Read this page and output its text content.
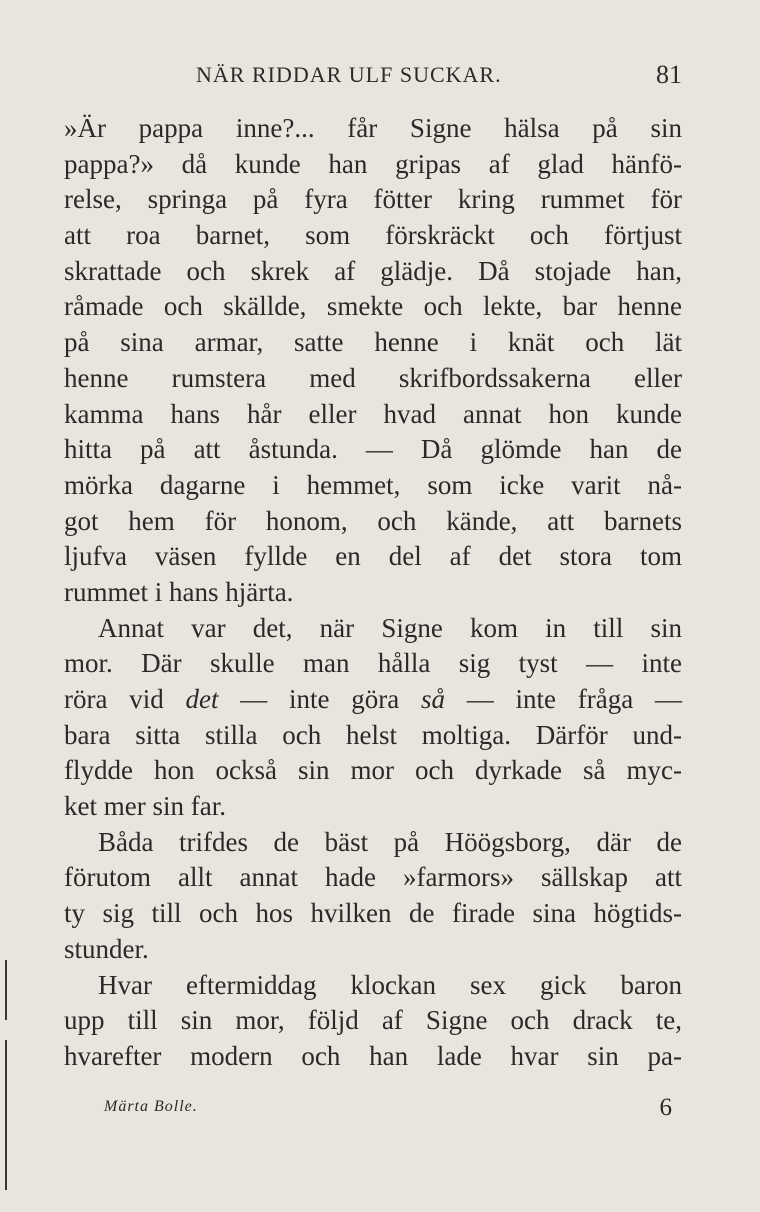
NÄR RIDDAR ULF SUCKAR.	81
»Är pappa inne?... får Signe hälsa på sin
pappa?» då kunde han gripas af glad hänfö-
relse, springa på fyra fötter kring rummet för
att roa barnet, som förskräckt och förtjust
skrattade och skrek af glädje. Då stojade han,
råmade och skällde, smekte och lekte, bar henne
på sina armar, satte henne i knät och lät
henne rumstera med skrifbordssakerna eller
kamma hans hår eller hvad annat hon kunde
hitta på att åstunda. — Då glömde han de
mörka dagarne i hemmet, som icke varit nå-
got hem för honom, och kände, att barnets
ljufva väsen fyllde en del af det stora tom
rummet i hans hjärta.
Annat var det, när Signe kom in till sin
mor. Där skulle man hålla sig tyst — inte
röra vid det — inte göra så — inte fråga —
bara sitta stilla och helst moltiga. Därför und-
flydde hon också sin mor och dyrkade så myc-
ket mer sin far.
Båda trifdes de bäst på Höögsborg, där de
förutom allt annat hade »farmors» sällskap att
ty sig till och hos hvilken de firade sina högtids-
stunder.
Hvar eftermiddag klockan sex gick baron
upp till sin mor, följd af Signe och drack te,
hvarefter modern och han lade hvar sin pa-
Märta Bolle.	6
